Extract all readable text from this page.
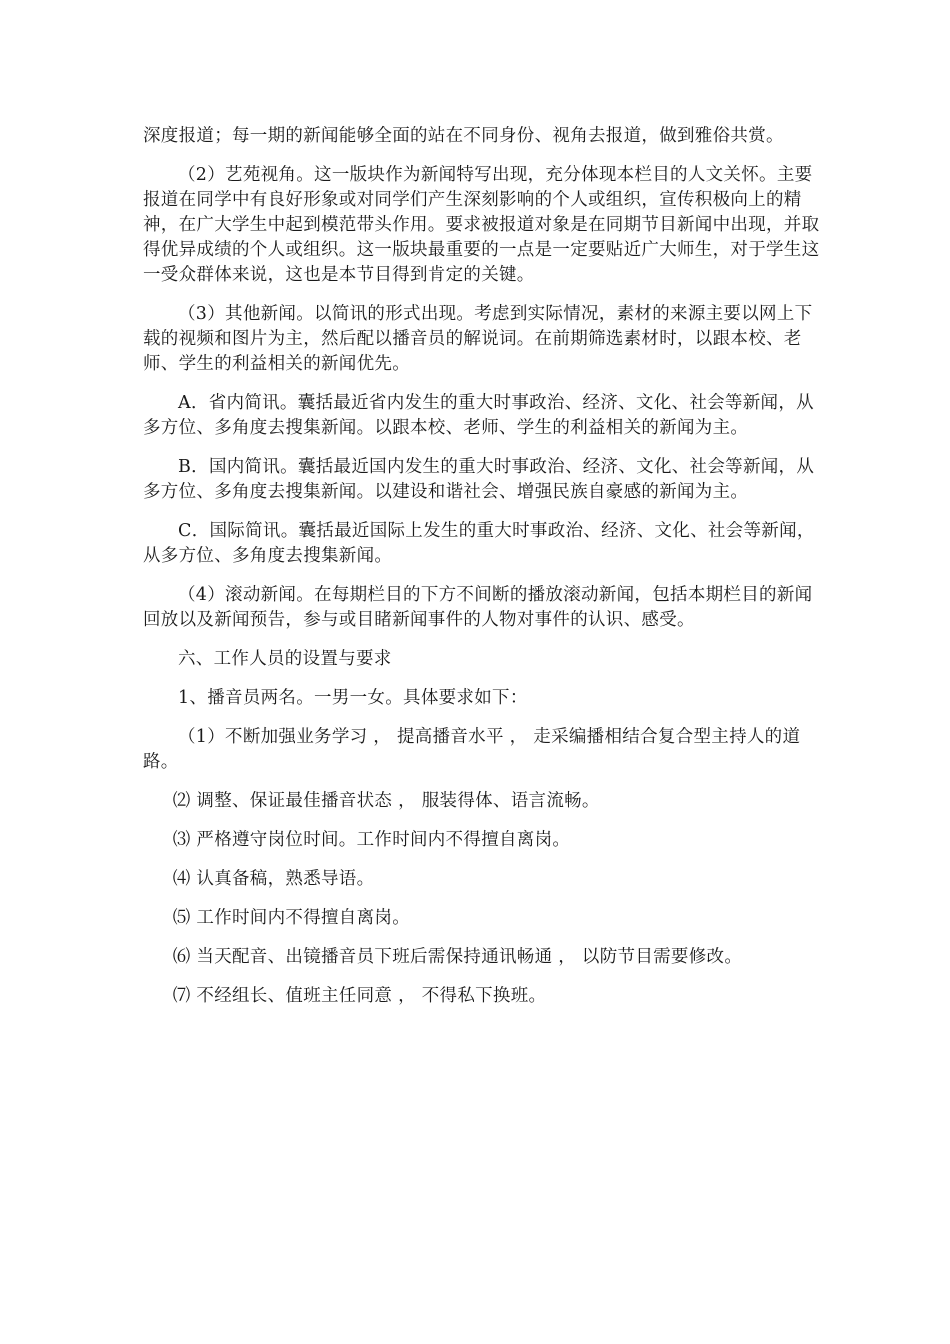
深度报道；每一期的新闻能够全面的站在不同身份、视角去报道，做到雅俗共赏。

（2）艺苑视角。这一版块作为新闻特写出现，充分体现本栏目的人文关怀。主要报道在同学中有良好形象或对同学们产生深刻影响的个人或组织，宣传积极向上的精神，在广大学生中起到模范带头作用。要求被报道对象是在同期节目新闻中出现，并取得优异成绩的个人或组织。这一版块最重要的一点是一定要贴近广大师生，对于学生这一受众群体来说，这也是本节目得到肯定的关键。

（3）其他新闻。以简讯的形式出现。考虑到实际情况，素材的来源主要以网上下载的视频和图片为主，然后配以播音员的解说词。在前期筛选素材时，以跟本校、老师、学生的利益相关的新闻优先。

A．省内简讯。囊括最近省内发生的重大时事政治、经济、文化、社会等新闻，从多方位、多角度去搜集新闻。以跟本校、老师、学生的利益相关的新闻为主。

B．国内简讯。囊括最近国内发生的重大时事政治、经济、文化、社会等新闻，从多方位、多角度去搜集新闻。以建设和谐社会、增强民族自豪感的新闻为主。

C．国际简讯。囊括最近国际上发生的重大时事政治、经济、文化、社会等新闻，从多方位、多角度去搜集新闻。

（4）滚动新闻。在每期栏目的下方不间断的播放滚动新闻，包括本期栏目的新闻回放以及新闻预告，参与或目睹新闻事件的人物对事件的认识、感受。

六、工作人员的设置与要求

1、播音员两名。一男一女。具体要求如下：

（1）不断加强业务学习 ， 提高播音水平 ， 走采编播相结合复合型主持人的道路。

⑵ 调整、保证最佳播音状态 ， 服装得体、语言流畅。

⑶ 严格遵守岗位时间。工作时间内不得擅自离岗。

⑷ 认真备稿，熟悉导语。

⑸ 工作时间内不得擅自离岗。

⑹ 当天配音、出镜播音员下班后需保持通讯畅通 ， 以防节目需要修改。

⑺ 不经组长、值班主任同意 ， 不得私下换班。
